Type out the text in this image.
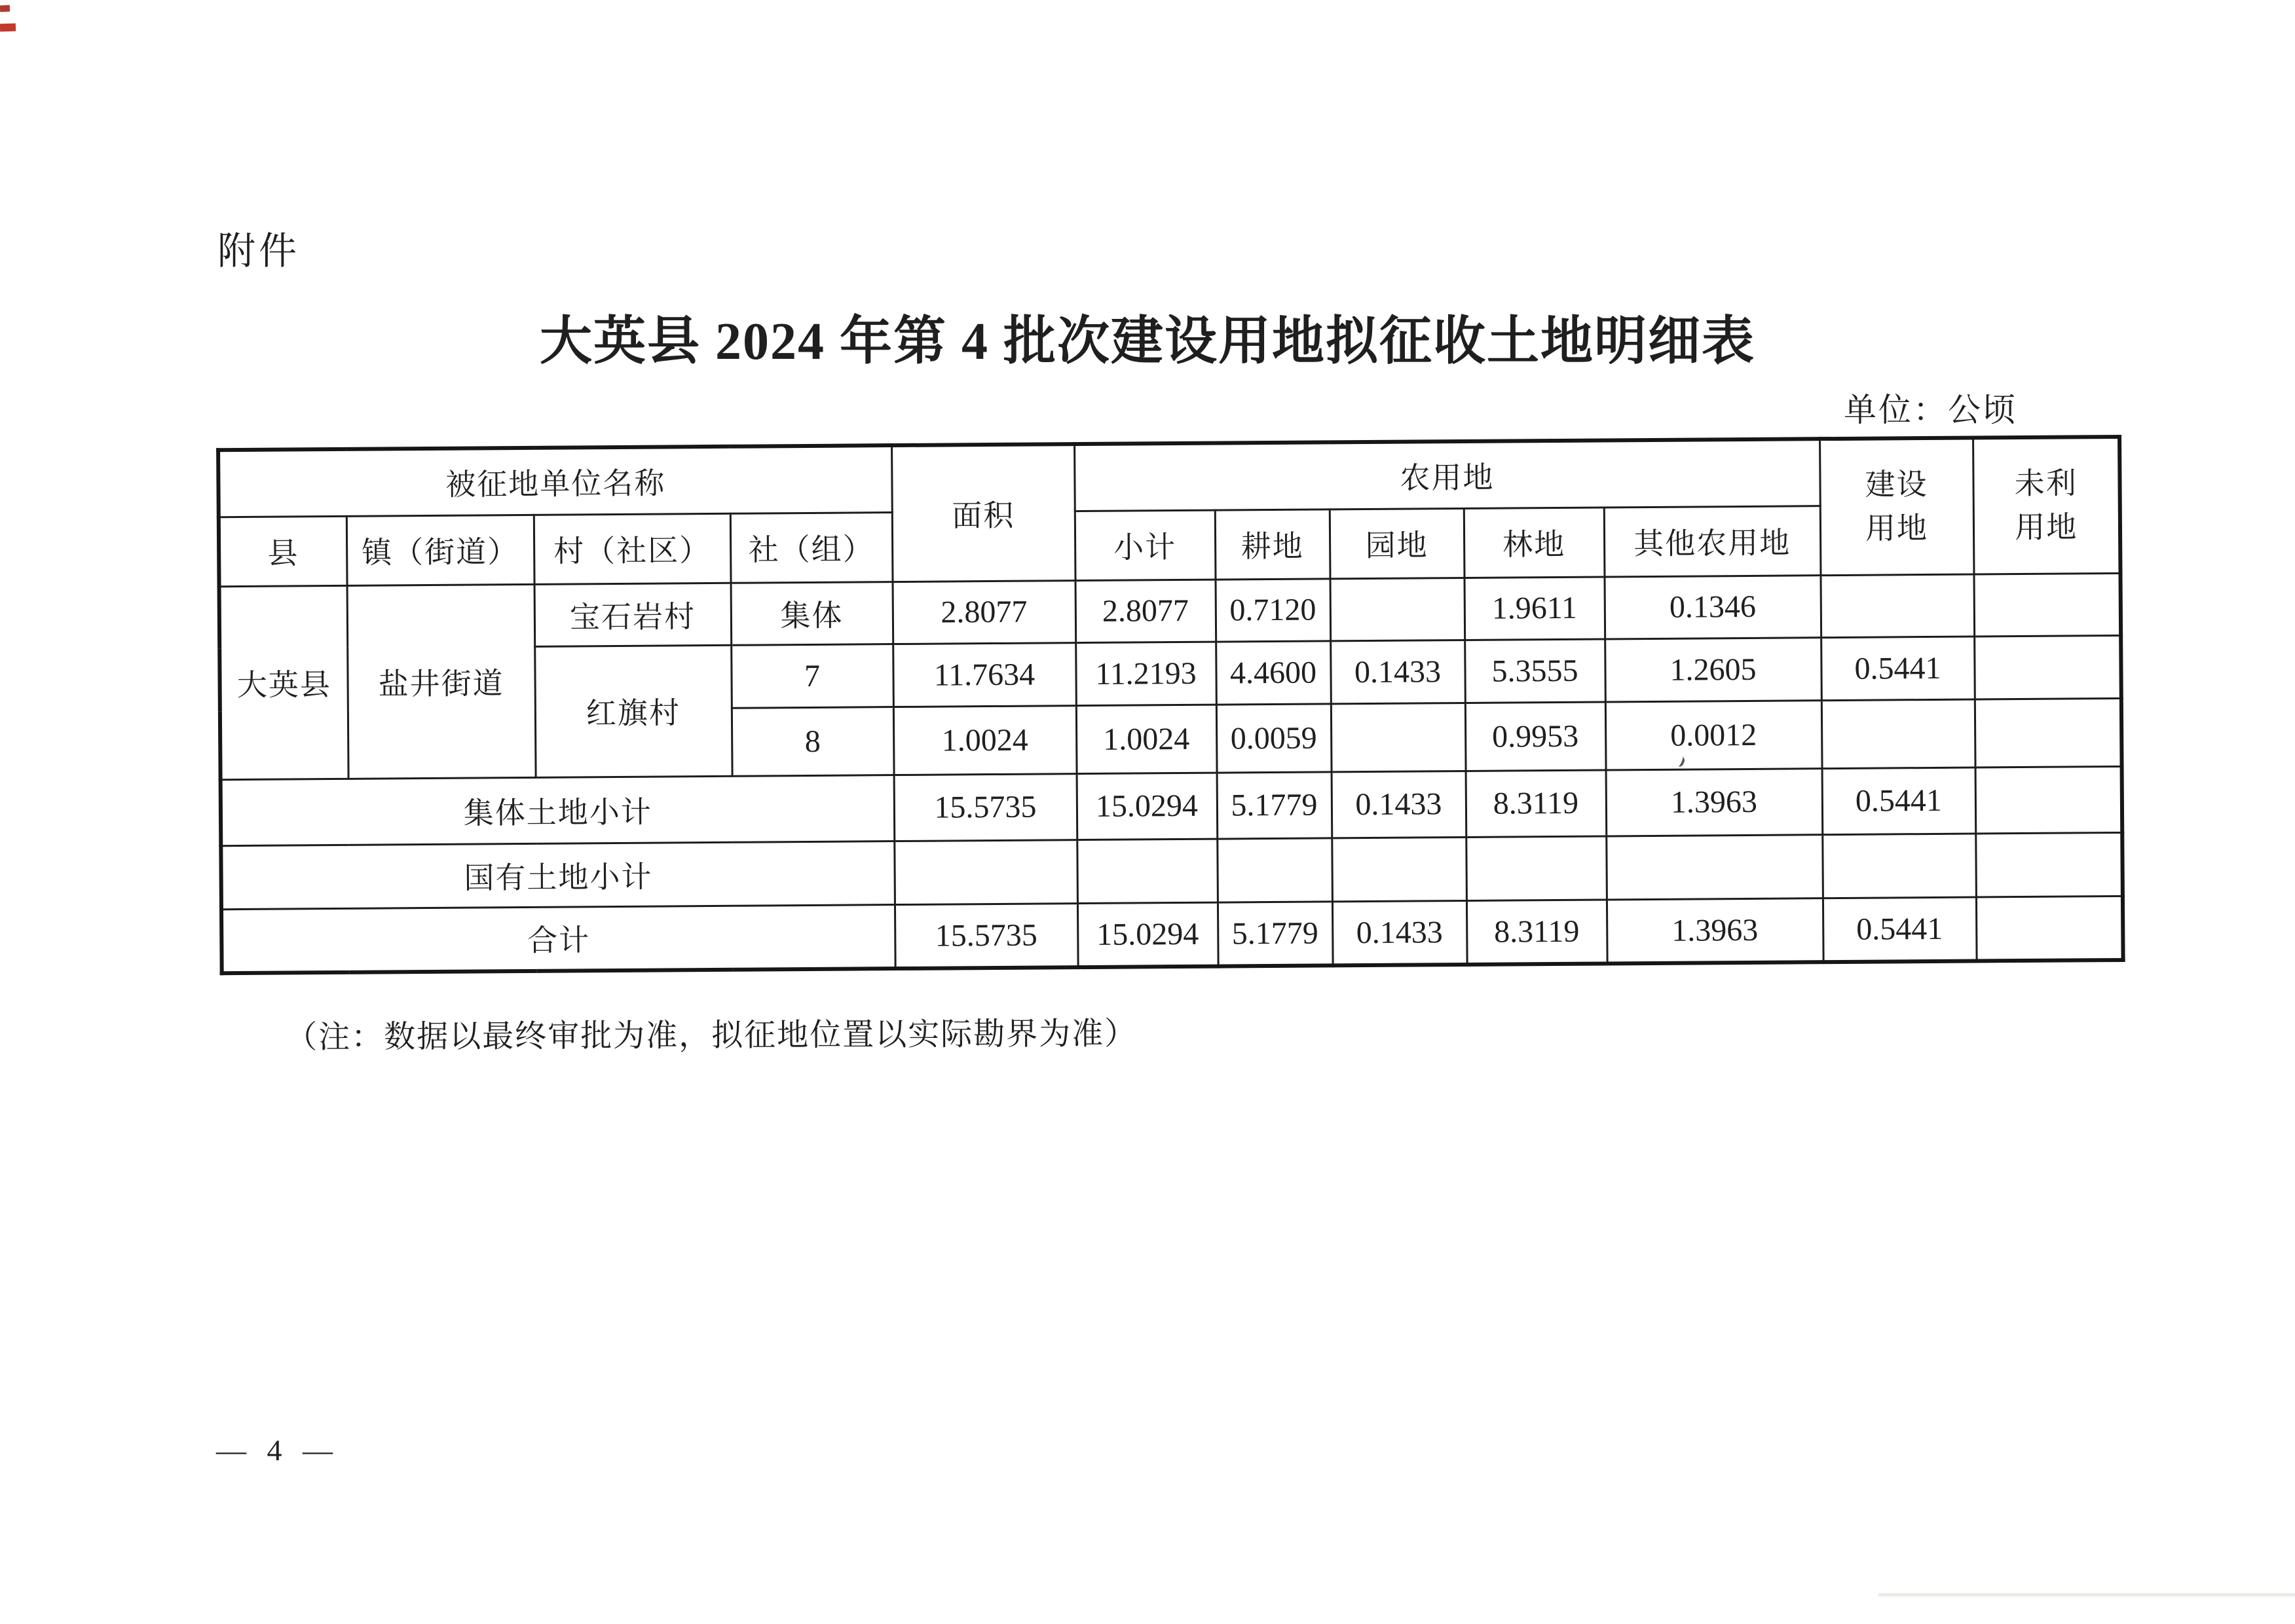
附件
大英县 2024 年第 4 批次建设用地拟征收土地明细表
单位：公顷
被征地单位名称				面积	农用地					建设用地	未利用地
县	镇（街道）	村（社区）	社（组）		小计	耕地	园地	林地	其他农用地		
大英县	盐井街道	宝石岩村	集体	2.8077	2.8077	0.7120		1.9611	0.1346		
		红旗村	7	11.7634	11.2193	4.4600	0.1433	5.3555	1.2605	0.5441	
			8	1.0024	1.0024	0.0059		0.9953	0.0012		
集体土地小计				15.5735	15.0294	5.1779	0.1433	8.3119	1.3963	0.5441	
国有土地小计											
合计				15.5735	15.0294	5.1779	0.1433	8.3119	1.3963	0.5441	
（注：数据以最终审批为准，拟征地位置以实际勘界为准）
— 4 —
